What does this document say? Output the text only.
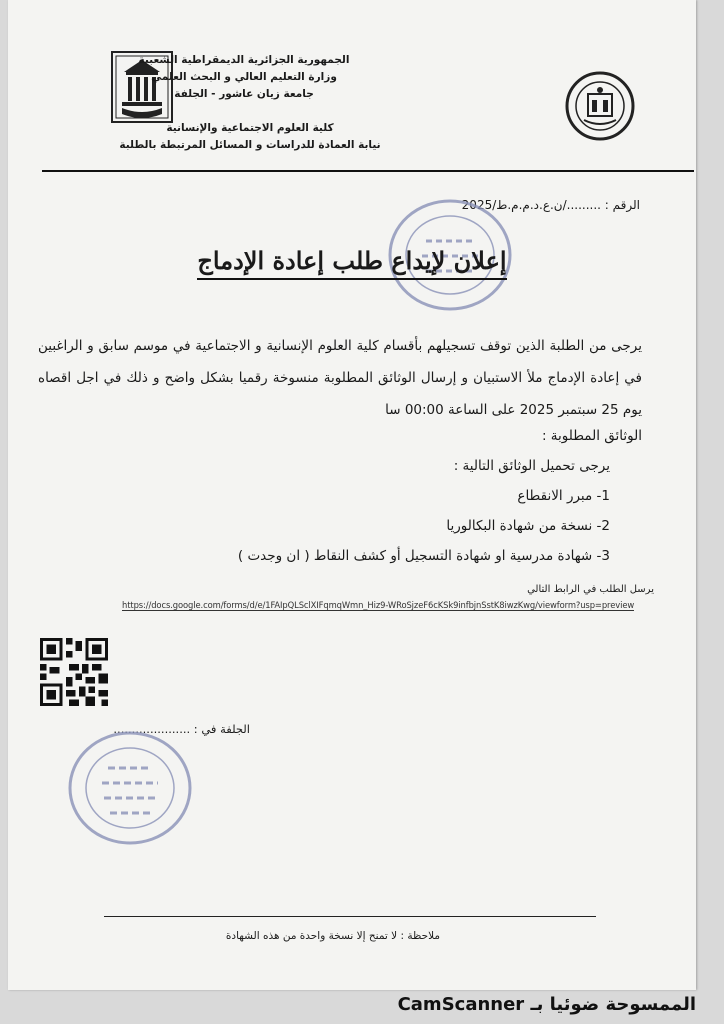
الجمهورية الجزائرية الديمقراطية الشعبية
وزارة التعليم العالي و البحث العلمي
جامعة زيان عاشور - الجلفة
كلية العلوم الاجتماعية والإنسانية
نيابة العمادة للدراسات و المسائل المرتبطة بالطلبة
الرقم : ........./ن.ع.د.م.م.ط/2025
إعلان لإيداع طلب إعادة الإدماج
يرجى من الطلبة الذين توقف تسجيلهم بأقسام كلية العلوم الإنسانية و الاجتماعية في موسم سابق و الراغبين في إعادة الإدماج ملأ الاستبيان و إرسال الوثائق المطلوبة منسوخة رقميا بشكل واضح و ذلك في اجل اقصاه يوم 25 سبتمبر 2025 على الساعة 00:00 سا
الوثائق المطلوبة :
يرجى تحميل الوثائق التالية :
1- مبرر الانقطاع
2- نسخة من شهادة البكالوريا
3- شهادة مدرسية او شهادة التسجيل أو كشف النقاط ( ان وجدت )
يرسل الطلب في الرابط التالي
https://docs.google.com/forms/d/e/1FAIpQLSclXIFqmqWmn_Hiz9-WRoSjzeF6cKSk9infbjnSstK8iwzKwg/viewform?usp=preview
الجلفة في : .....................
ملاحظة : لا تمنح إلا نسخة واحدة من هذه الشهادة
الممسوحة ضوئيا بـ CamScanner
